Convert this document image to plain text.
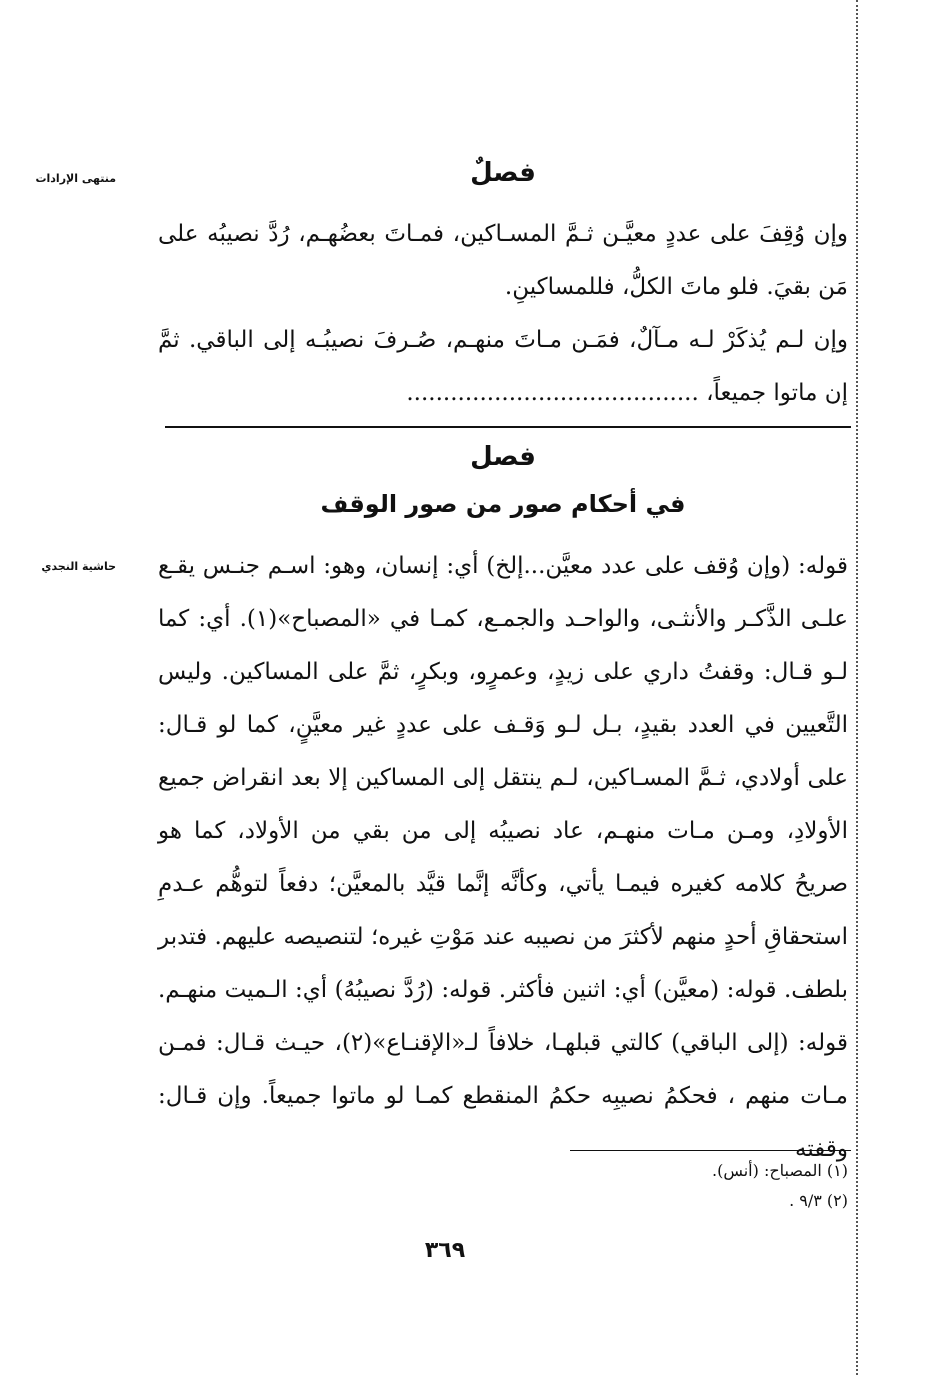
منتهى الإرادات
حاشية النجدي
فصلٌ

وإن وُقِفَ على عددٍ معيَّـن ثـمَّ المسـاكين، فمـاتَ بعضُهـم، رُدَّ نصيبُه على مَن بقيَ. فلو ماتَ الكلُّ، فللمساكينِ.

وإن لـم يُذكَرْ لـه مـآلٌ، فمَـن مـاتَ منهـم، صُـرفَ نصيبُـه إلى الباقي. ثمَّ إن ماتوا جميعاً، ........................................

فصل
في أحكام صور من صور الوقف

قوله: (وإن وُقف على عدد معيَّن...إلخ) أي: إنسان، وهو: اسـم جنـس يقـع علـى الذَّكـر والأنثـى، والواحـد والجمـع، كمـا في «المصباح»(١). أي: كما لـو قـال: وقفتُ داري على زيدٍ، وعمرٍو، وبكرٍ، ثمَّ على المساكين. وليس التَّعيين في العدد بقيدٍ، بـل لـو وَقـف على عددٍ غير معيَّنٍ، كما لو قـال: على أولادي، ثـمَّ المسـاكين، لـم ينتقل إلى المساكين إلا بعد انقراض جميع الأولادِ، ومـن مـات منهـم، عاد نصيبُه إلى من بقي من الأولاد، كما هو صريحُ كلامه كغيره فيمـا يأتي، وكأنَّه إنَّما قيَّد بالمعيَّن؛ دفعاً لتوهُّم عـدمِ استحقاقِ أحدٍ منهم لأكثرَ من نصيبه عند مَوْتِ غيره؛ لتنصيصه عليهم. فتدبر بلطف. قوله: (معيَّن) أي: اثنين فأكثر. قوله: (رُدَّ نصيبُهُ) أي: الـميت منهـم. قوله: (إلى الباقي) كالتي قبلهـا، خلافاً لـ«الإقنـاع»(٢)، حيـث قـال: فمـن مـات منهم ، فحكمُ نصيبِه حكمُ المنقطع كمـا لو ماتوا جميعاً. وإن قـال: وقفته

(١) المصباح: (أنس).

(٢) ٩/٣ .

٣٦٩
